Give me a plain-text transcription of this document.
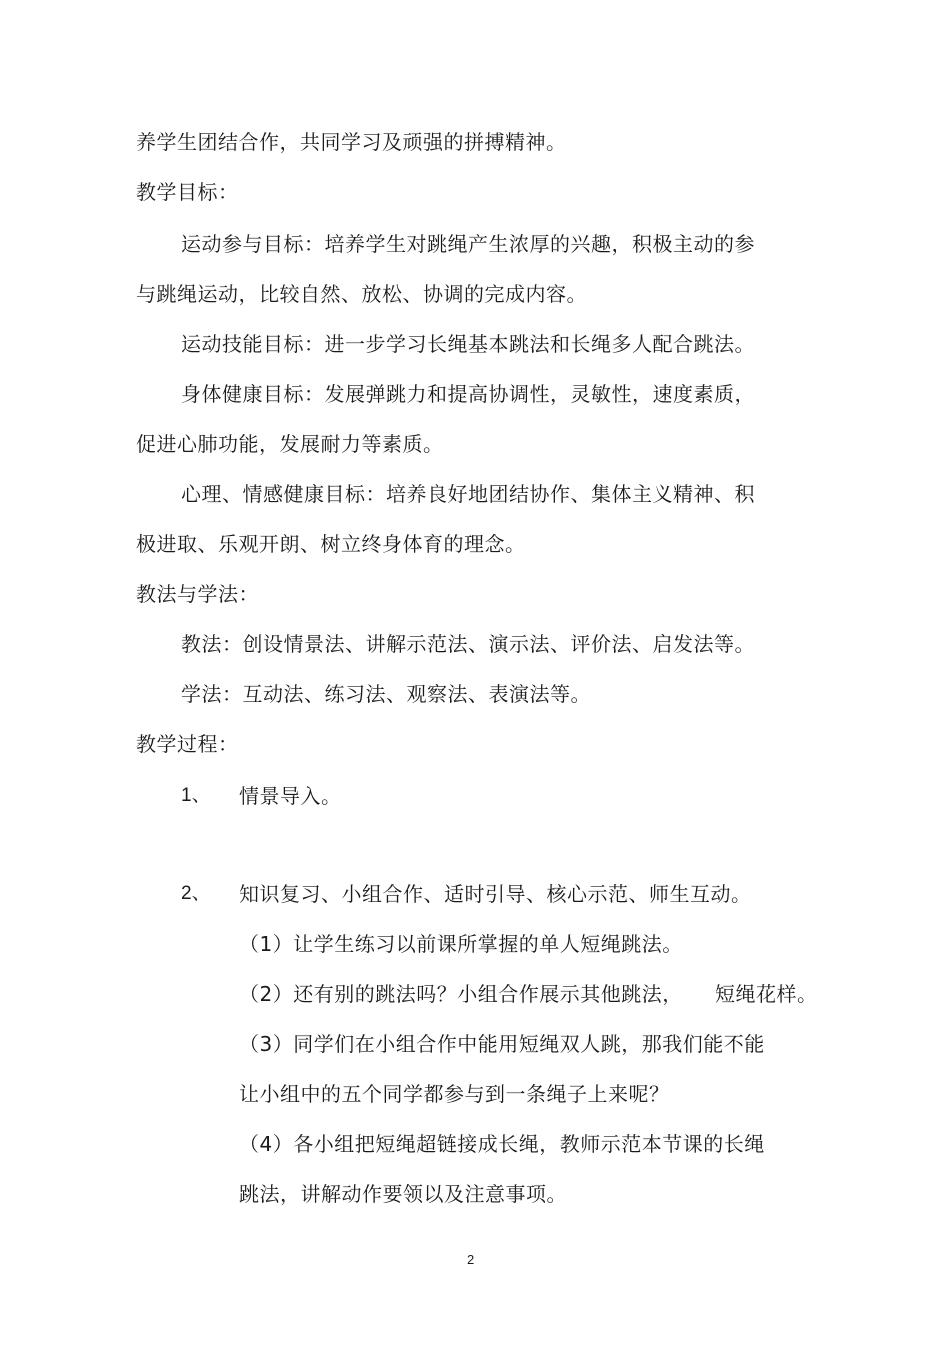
养学生团结合作，共同学习及顽强的拼搏精神。
教学目标：
运动参与目标：培养学生对跳绳产生浓厚的兴趣，积极主动的参
与跳绳运动，比较自然、放松、协调的完成内容。
运动技能目标：进一步学习长绳基本跳法和长绳多人配合跳法。
身体健康目标：发展弹跳力和提高协调性，灵敏性，速度素质，
促进心肺功能，发展耐力等素质。
心理、情感健康目标：培养良好地团结协作、集体主义精神、积
极进取、乐观开朗、树立终身体育的理念。
教法与学法：
教法：创设情景法、讲解示范法、演示法、评价法、启发法等。
学法：互动法、练习法、观察法、表演法等。
教学过程：
1、 情景导入。
2、 知识复习、小组合作、适时引导、核心示范、师生互动。
（1）让学生练习以前课所掌握的单人短绳跳法。
（2）还有别的跳法吗？小组合作展示其他跳法， 短绳花样。
（3）同学们在小组合作中能用短绳双人跳，那我们能不能
让小组中的五个同学都参与到一条绳子上来呢？
（4）各小组把短绳超链接成长绳，教师示范本节课的长绳
跳法，讲解动作要领以及注意事项。
2
